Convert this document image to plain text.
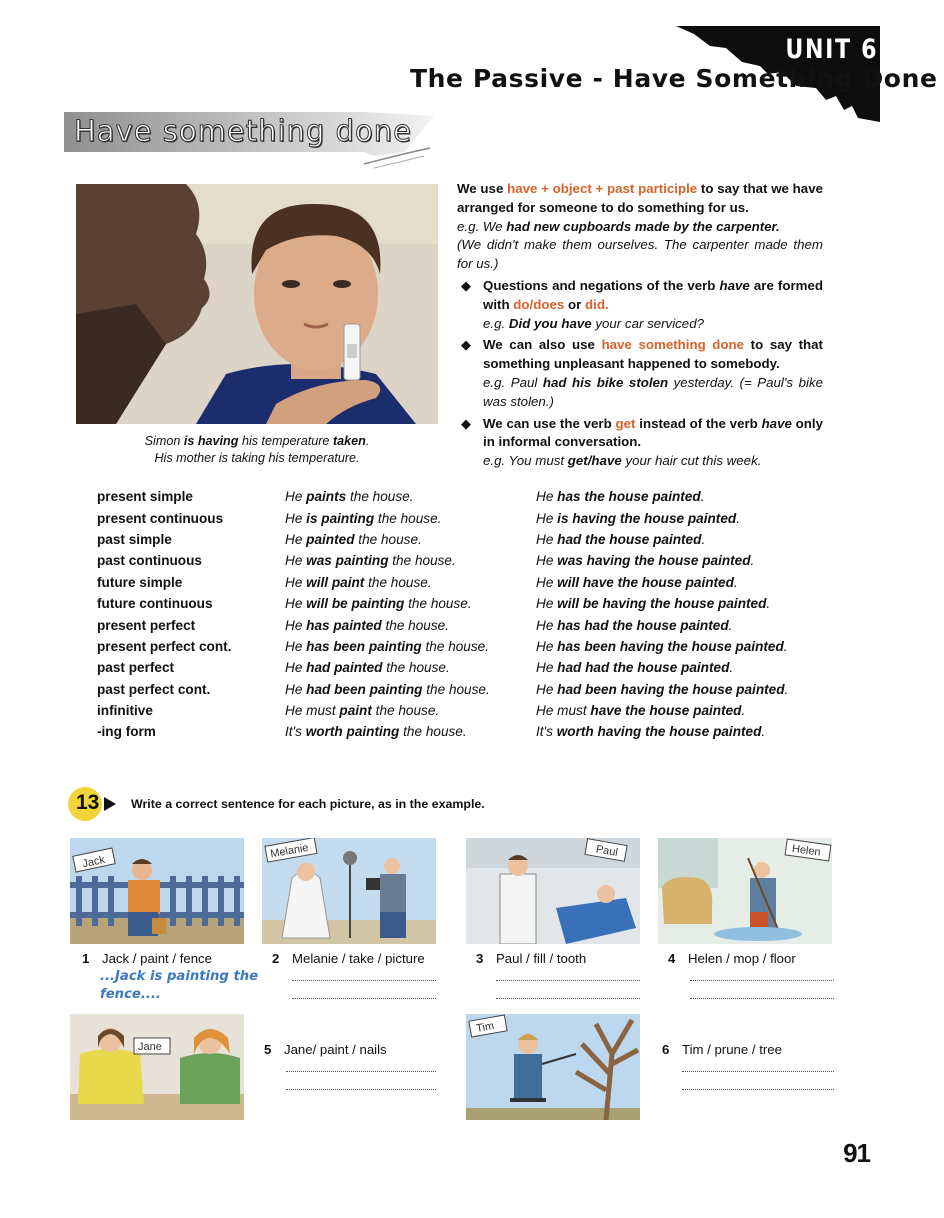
UNIT 6
The Passive - Have Something Done
Have something done
Simon is having his temperature taken.
His mother is taking his temperature.

We use have + object + past participle to say that we have arranged for someone to do something for us.

e.g. We had new cupboards made by the carpenter.

(We didn't make them ourselves. The carpenter made them for us.)

◆ Questions and negations of the verb have are formed with do/does or did.

e.g. Did you have your car serviced?

◆ We can also use have something done to say that something unpleasant happened to somebody.

e.g. Paul had his bike stolen yesterday. (= Paul's bike was stolen.)

◆ We can use the verb get instead of the verb have only in informal conversation.

e.g. You must get/have your hair cut this week.

present simple	He paints the house.	He has the house painted.
present continuous	He is painting the house.	He is having the house painted.
past simple	He painted the house.	He had the house painted.
past continuous	He was painting the house.	He was having the house painted.
future simple	He will paint the house.	He will have the house painted.
future continuous	He will be painting the house.	He will be having the house painted.
present perfect	He has painted the house.	He has had the house painted.
present perfect cont.	He has been painting the house.	He has been having the house painted.
past perfect	He had painted the house.	He had had the house painted.
past perfect cont.	He had been painting the house.	He had been having the house painted.
infinitive	He must paint the house.	He must have the house painted.
-ing form	It's worth painting the house.	It's worth having the house painted.
13	Write a correct sentence for each picture, as in the example.
Jack
Melanie	Paul	Helen
Jane
Tim
1 Jack / paint / fence
...Jack is painting the
fence....
2 Melanie / take / picture	3 Paul / fill / tooth	4 Helen / mop / floor
5 Jane/ paint / nails	6 Tim / prune / tree
91
